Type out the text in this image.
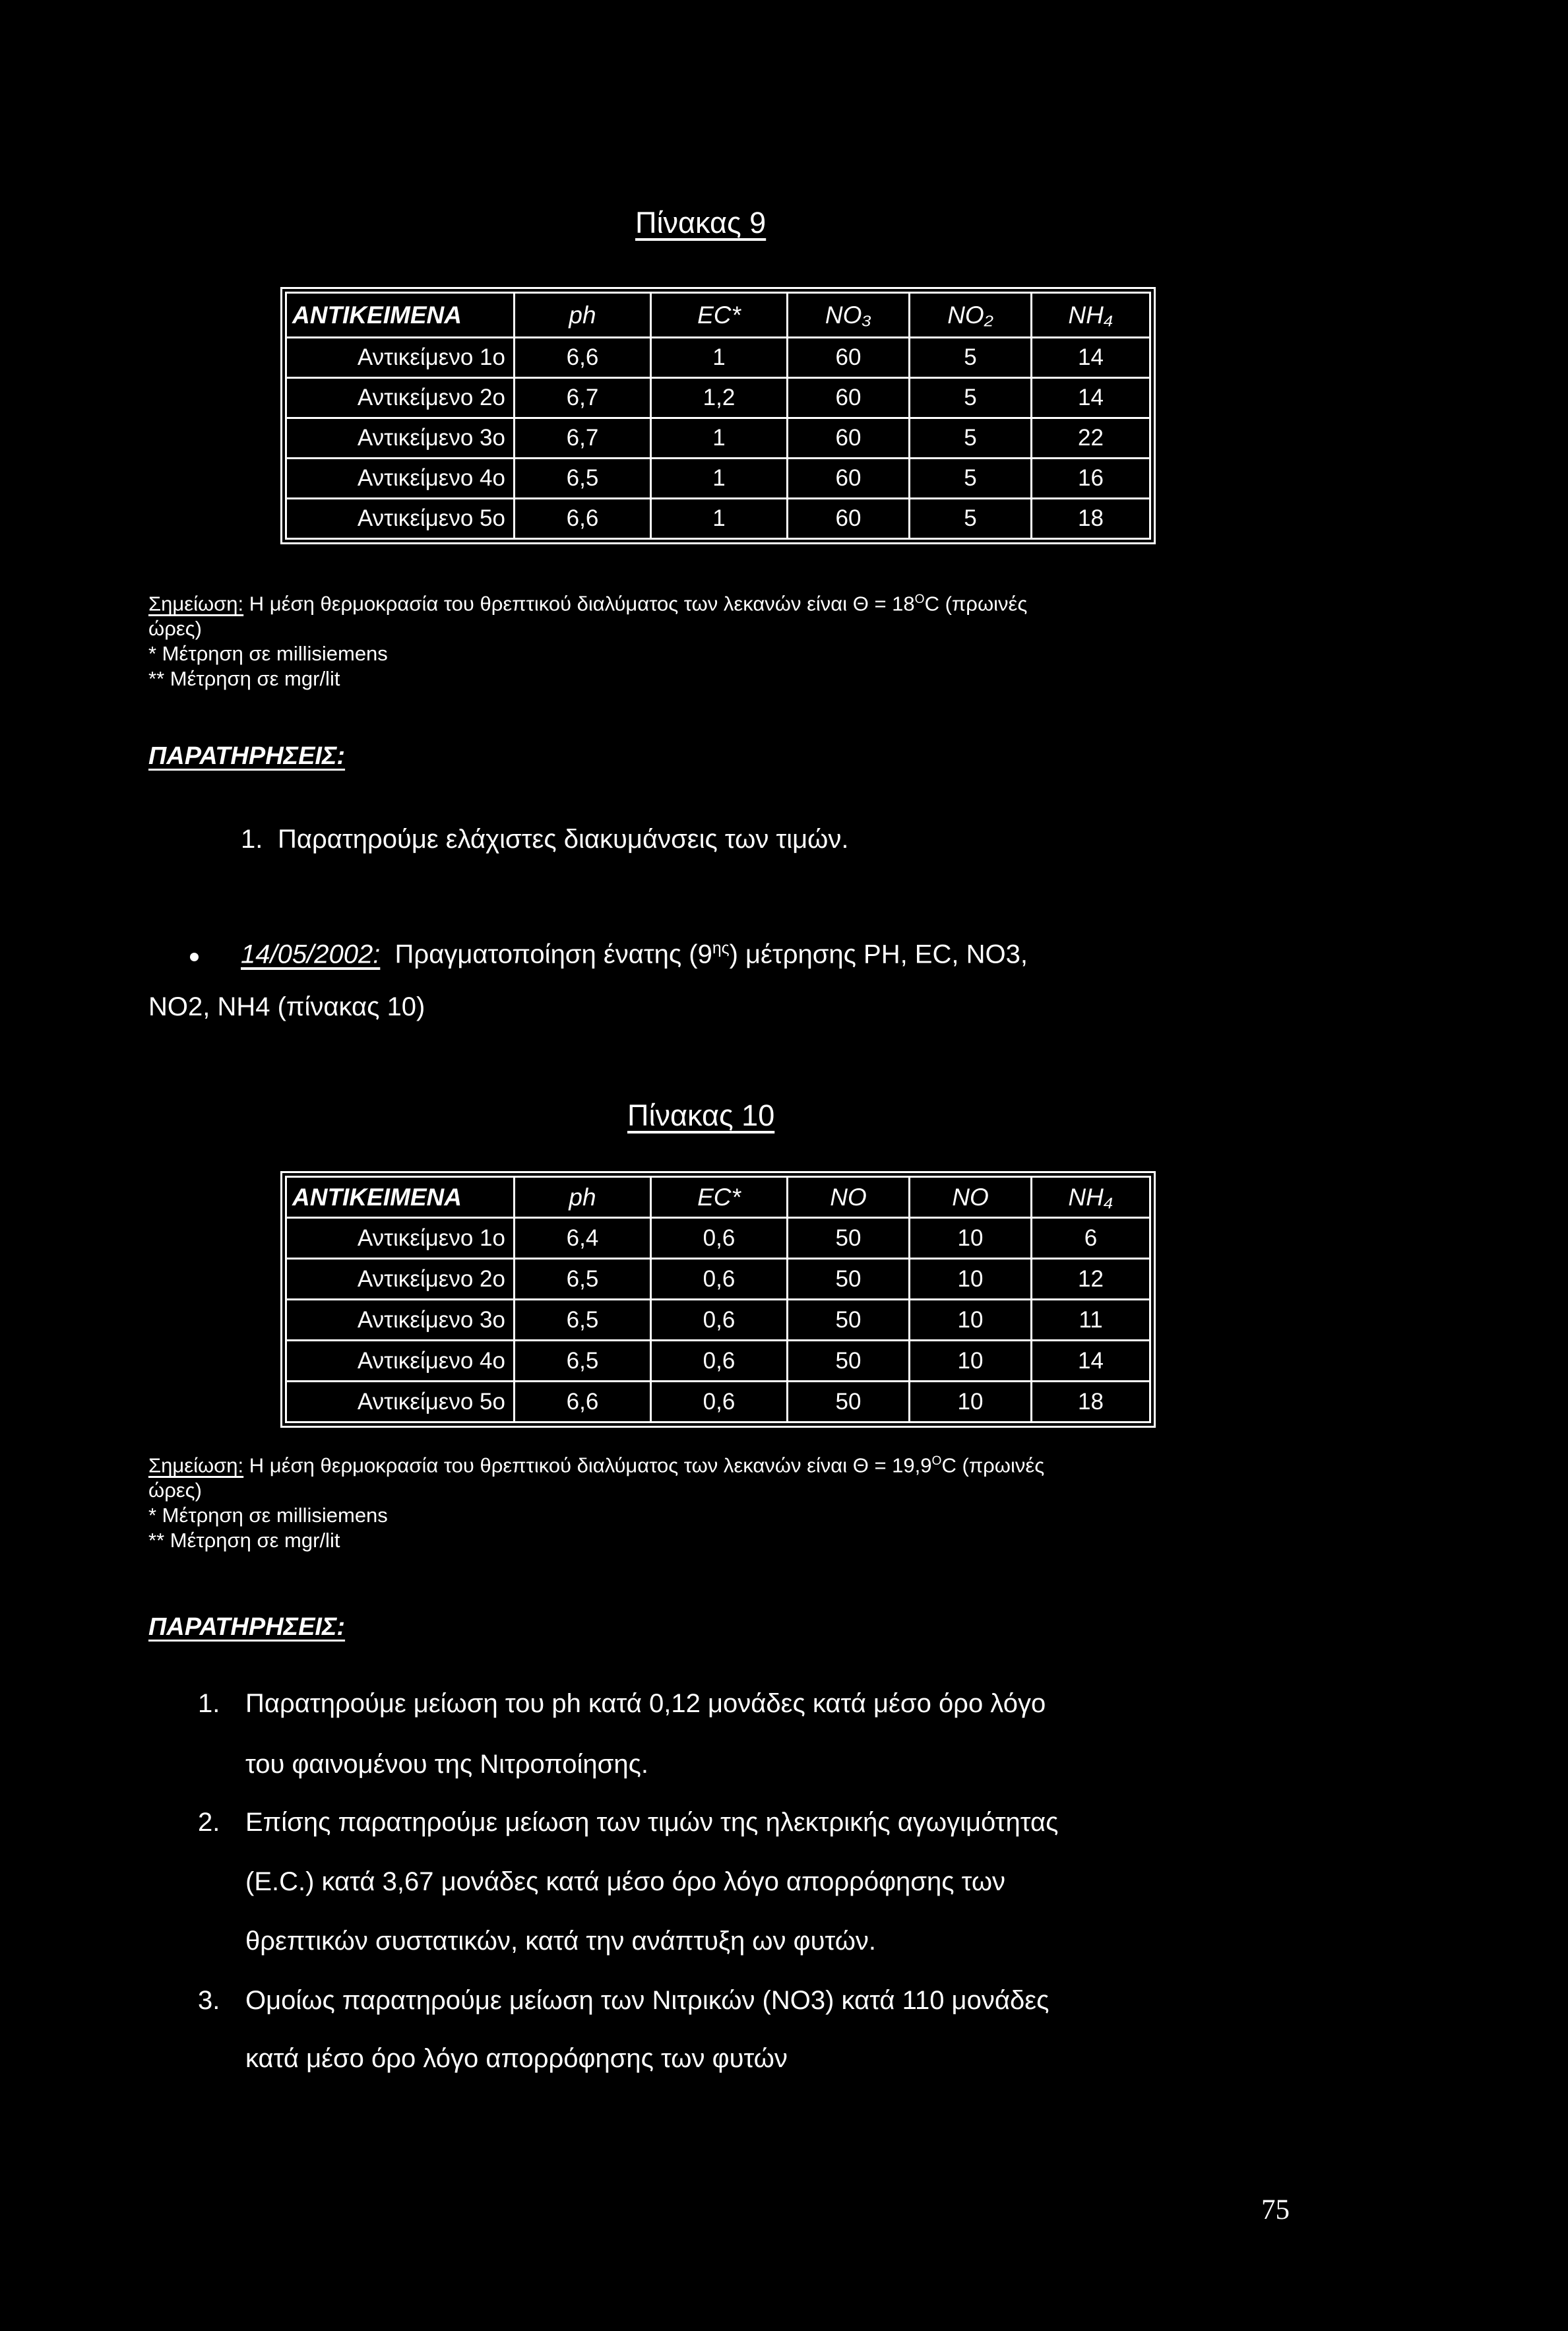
Πίνακας 9
ΑΝΤΙΚΕΙΜΕΝΑ	ph	EC*	NO₃	NO₂	NH₄
Αντικείμενο 1ο	6,6	1	60	5	14
Αντικείμενο 2ο	6,7	1,2	60	5	14
Αντικείμενο 3ο	6,7	1	60	5	22
Αντικείμενο 4ο	6,5	1	60	5	16
Αντικείμενο 5ο	6,6	1	60	5	18
Σημείωση: Η μέση θερμοκρασία του θρεπτικού διαλύματος των λεκανών είναι $\Theta = 18^OC$ (πρωινές
ώρες)
* Μέτρηση σε millisiemens
** Μέτρηση σε mgr/lit
ΠΑΡΑΤΗΡΗΣΕΙΣ:
1. Παρατηρούμε ελάχιστες διακυμάνσεις των τιμών.
14/05/2002: Πραγματοποίηση ένατης $(9^{\eta\varsigma})$ μέτρησης PH, EC, NO3,
NO2, NH4 (πίνακας 10)
Πίνακας 10
ΑΝΤΙΚΕΙΜΕΝΑ	ph	EC*	NO	NO	NH₄
Αντικείμενο 1ο	6,4	0,6	50	10	6
Αντικείμενο 2ο	6,5	0,6	50	10	12
Αντικείμενο 3ο	6,5	0,6	50	10	11
Αντικείμενο 4ο	6,5	0,6	50	10	14
Αντικείμενο 5ο	6,6	0,6	50	10	18
Σημείωση: Η μέση θερμοκρασία του θρεπτικού διαλύματος των λεκανών είναι $\Theta = 19,9^OC$ (πρωινές
ώρες)
* Μέτρηση σε millisiemens
** Μέτρηση σε mgr/lit
ΠΑΡΑΤΗΡΗΣΕΙΣ:
1. Παρατηρούμε μείωση του ph κατά 0,12 μονάδες κατά μέσο όρο λόγο
του φαινομένου της Νιτροποίησης.
2. Επίσης παρατηρούμε μείωση των τιμών της ηλεκτρικής αγωγιμότητας
(E.C.) κατά 3,67 μονάδες κατά μέσο όρο λόγο απορρόφησης των
θρεπτικών συστατικών, κατά την ανάπτυξη ων φυτών.
3. Ομοίως παρατηρούμε μείωση των Νιτρικών (NO3) κατά 110 μονάδες
κατά μέσο όρο λόγο απορρόφησης των φυτών
75
